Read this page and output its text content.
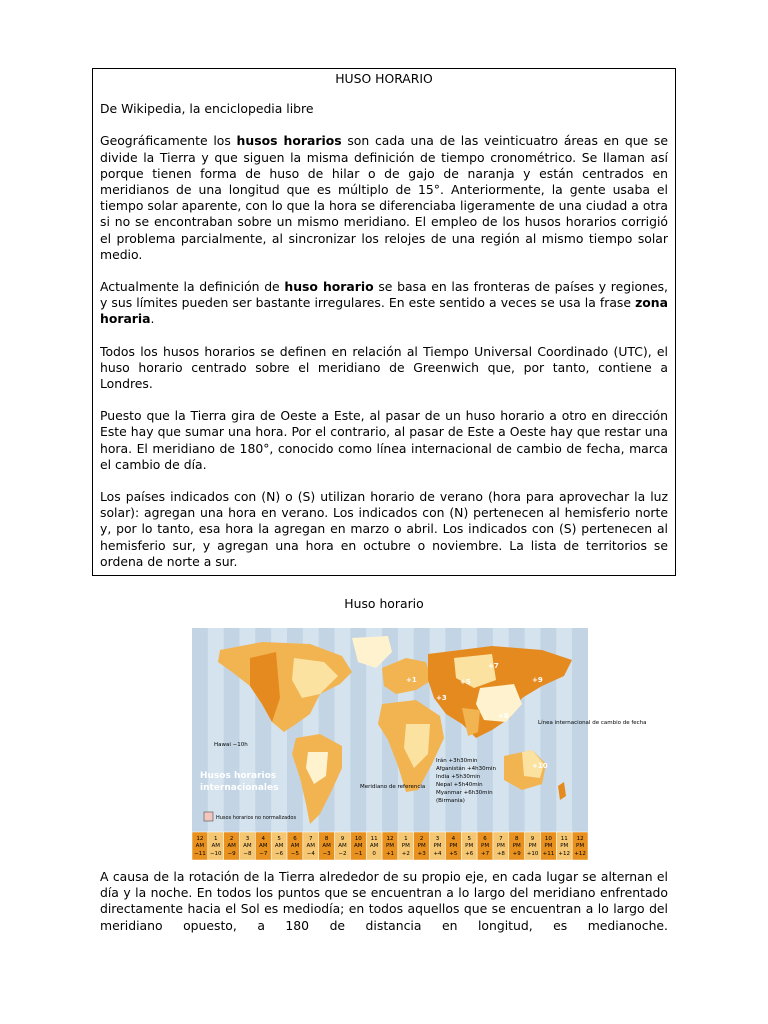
HUSO HORARIO

De Wikipedia, la enciclopedia libre

Geográficamente los husos horarios son cada una de las veinticuatro áreas en que se divide la Tierra y que siguen la misma definición de tiempo cronométrico. Se llaman así porque tienen forma de huso de hilar o de gajo de naranja y están centrados en meridianos de una longitud que es múltiplo de 15°. Anteriormente, la gente usaba el tiempo solar aparente, con lo que la hora se diferenciaba ligeramente de una ciudad a otra si no se encontraban sobre un mismo meridiano. El empleo de los husos horarios corrigió el problema parcialmente, al sincronizar los relojes de una región al mismo tiempo solar medio.

Actualmente la definición de huso horario se basa en las fronteras de países y regiones, y sus límites pueden ser bastante irregulares. En este sentido a veces se usa la frase zona horaria.

Todos los husos horarios se definen en relación al Tiempo Universal Coordinado (UTC), el huso horario centrado sobre el meridiano de Greenwich que, por tanto, contiene a Londres.

Puesto que la Tierra gira de Oeste a Este, al pasar de un huso horario a otro en dirección Este hay que sumar una hora. Por el contrario, al pasar de Este a Oeste hay que restar una hora. El meridiano de 180°, conocido como línea internacional de cambio de fecha, marca el cambio de día.

Los países indicados con (N) o (S) utilizan horario de verano (hora para aprovechar la luz solar): agregan una hora en verano. Los indicados con (N) pertenecen al hemisferio norte y, por lo tanto, esa hora la agregan en marzo o abril. Los indicados con (S) pertenecen al hemisferio sur, y agregan una hora en octubre o noviembre. La lista de territorios se ordena de norte a sur.

Huso horario
12
AM
−11
1
AM
−10
2
AM
−9
3
AM
−8
4
AM
−7
5
AM
−6
6
AM
−5
7
AM
−4
8
AM
−3
9
AM
−2
10
AM
−1
11
AM
0
12
PM
+1
1
PM
+2
2
PM
+3
3
PM
+4
4
PM
+5
5
PM
+6
6
PM
+7
7
PM
+8
8
PM
+9
9
PM
+10
10
PM
+11
11
PM
+12
12
PM
+12
Husos horarios
internacionales
Husos horarios no normalizados
Hawai −10h
Meridiano de referencia
Línea internacional de cambio de fecha
Irán +3h30min
Afganistán +4h30min
India +5h30min
Nepal +5h40min
Myanmar +6h30min
(Birmania)
+8
+9
+7
+5
+3
+1
+10

A causa de la rotación de la Tierra alrededor de su propio eje, en cada lugar se alternan el día y la noche. En todos los puntos que se encuentran a lo largo del meridiano enfrentado directamente hacia el Sol es mediodía; en todos aquellos que se encuentran a lo largo del meridiano opuesto, a 180 de distancia en longitud, es medianoche.
